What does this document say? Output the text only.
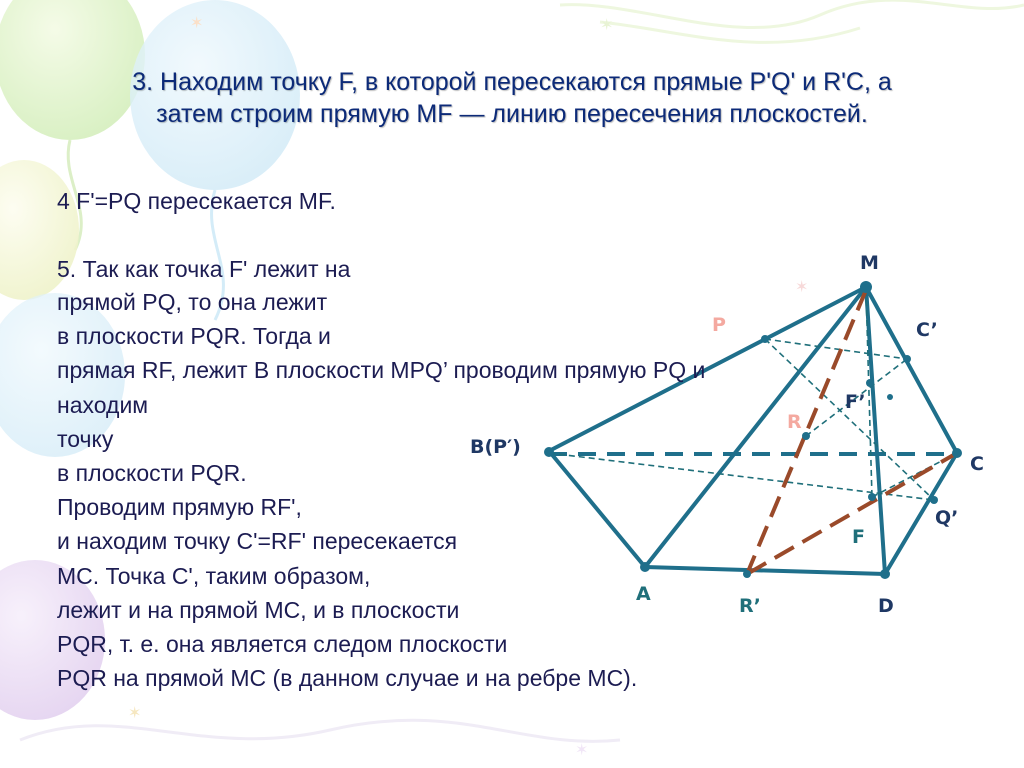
✶	✶
✶
✶
✶
M
C’
F’
B(P′)
C
Q’
F
A
R’	D
P
R
3. Находим точку F, в которой пересекаются прямые P'Q' и R'C, а
затем строим прямую MF — линию пересечения плоскостей.
4 F'=PQ пересекается MF.
5. Так как точка F' лежит на
прямой PQ, то она лежит
в плоскости PQR. Тогда и
прямая RF, лежит В плоскости MPQ’ проводим прямую PQ и
находим
точку
в плоскости PQR.
Проводим прямую RF',
и находим точку C'=RF' пересекается
MC. Точка C', таким образом,
лежит и на прямой MC, и в плоскости
PQR, т. е. она является следом плоскости
PQR на прямой MC (в данном случае и на ребре MC).
